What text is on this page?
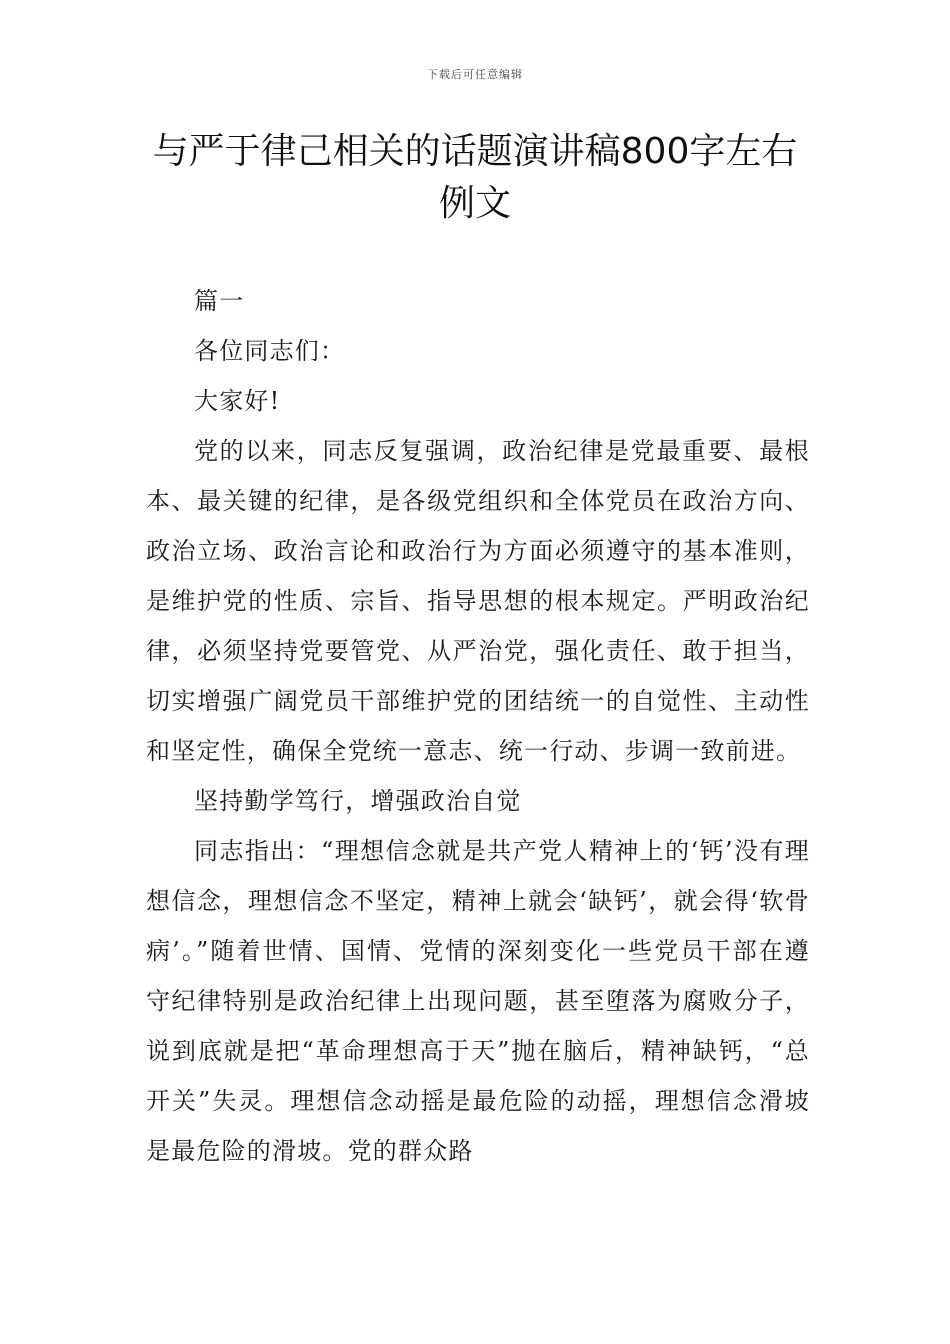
下载后可任意编辑
与严于律己相关的话题演讲稿800字左右例文

篇一

各位同志们：

大家好!

党的以来，同志反复强调，政治纪律是党最重要、最根本、最关键的纪律，是各级党组织和全体党员在政治方向、政治立场、政治言论和政治行为方面必须遵守的基本准则，是维护党的性质、宗旨、指导思想的根本规定。严明政治纪律，必须坚持党要管党、从严治党，强化责任、敢于担当，切实增强广阔党员干部维护党的团结统一的自觉性、主动性和坚定性，确保全党统一意志、统一行动、步调一致前进。

坚持勤学笃行，增强政治自觉

同志指出：“理想信念就是共产党人精神上的‘钙’没有理想信念，理想信念不坚定，精神上就会‘缺钙’，就会得‘软骨病’。”随着世情、国情、党情的深刻变化一些党员干部在遵守纪律特别是政治纪律上出现问题，甚至堕落为腐败分子，说到底就是把“革命理想高于天”抛在脑后，精神缺钙，“总开关”失灵。理想信念动摇是最危险的动摇，理想信念滑坡是最危险的滑坡。党的群众路
